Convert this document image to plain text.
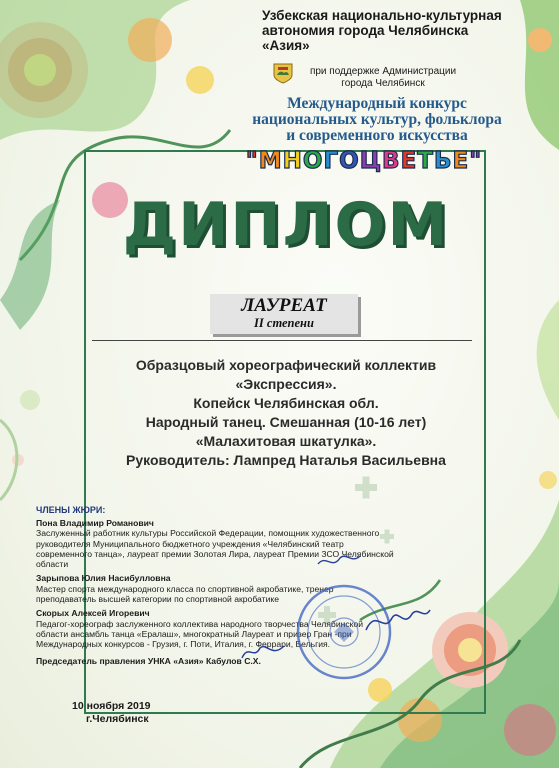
Узбекская национально-культурная автономия города Челябинска «Азия»
при поддержке Администрации города Челябинск
Международный конкурс национальных культур, фольклора и современного искусства
"МНОГОЦВЕТЬЕ"
ДИПЛОМ
ЛАУРЕАТ
II степени
Образцовый хореографический коллектив
«Экспрессия».
Копейск Челябинская обл.
Народный танец. Смешанная (10-16 лет)
«Малахитовая шкатулка».
Руководитель: Лампред Наталья Васильевна
ЧЛЕНЫ ЖЮРИ:
Пона Владимир Романович
Заслуженный работник культуры Российской Федерации, помощник художественного руководителя Муниципального бюджетного учреждения «Челябинский театр современного танца», лауреат премии Золотая Лира, лауреат Премии ЗСО Челябинской области
Зарыпова Юлия Насибулловна
Мастер спорта международного класса по спортивной акробатике, тренер преподаватель высшей категории по спортивной акробатике
Скорых Алексей Игоревич
Педагог-хореограф заслуженного коллектива народного творчества Челябинской области ансамбль танца «Ералаш», многократный Лауреат и призер Гран -при Международных конкурсов - Грузия, г. Поти, Италия, г. Феррари, Бельгия.
Председатель правления УНКА «Азия» Кабулов С.Х.
10 ноября 2019
г.Челябинск
